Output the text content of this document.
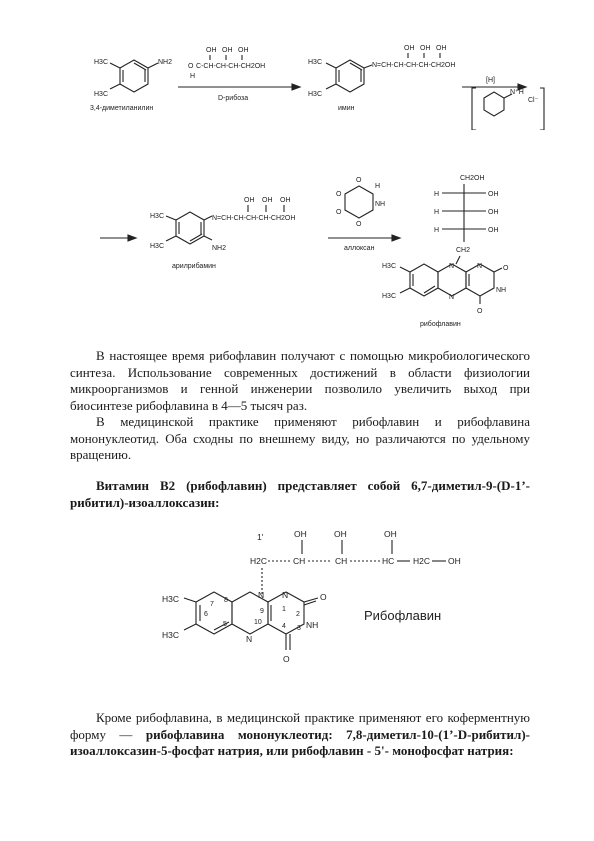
H3C
H3C
NH2
3,4-диметиланилин
OH OH OH
O C-CH-CH-CH-CH2OH
H
D-рибоза
H3C
H3C
OH OH OH
N=CH-CH-CH-CH-CH2OH
имин
[H]
N⁺H
Cl⁻
H3C
H3C	NH2
OH OH OH
N=CH-CH-CH-CH-CH2OH
арилрибамин
O
O
O
O
NH
H
аллоксан
CH2OH
H
H
H
OH
OH
OH
CH2
H3C
H3C
N
N
N	O
NH
O
рибофлавин
В настоящее время рибофлавин получают с помощью микробиологического синтеза. Использование современных достижений в области физиологии микроорганизмов и генной инженерии позволило увеличить выход при биосинтезе рибофлавина в 4—5 тысяч раз.
В медицинской практике применяют рибофлавин и рибофлавина мононуклеотид. Оба сходны по внешнему виду, но различаются по удельному вращению.
Витамин В2 (рибофлавин) представляет собой 6,7-диметил-9-(D-1’-рибитил)-изоаллоксазин:
1'	OH	OH	OH
H2C	CH	CH	HC H2C OH
H3C
H3C
N
9
N
1
2
O
NH
3
4
O
10
N
6
7
8
5
Рибофлавин
Кроме рибофлавина, в медицинской практике применяют его коферментную форму — рибофлавина мононуклеотид: 7,8-диметил-10-(1’-D-рибитил)-изоаллоксазин-5-фосфат натрия, или рибофлавин - 5'- монофосфат натрия:
